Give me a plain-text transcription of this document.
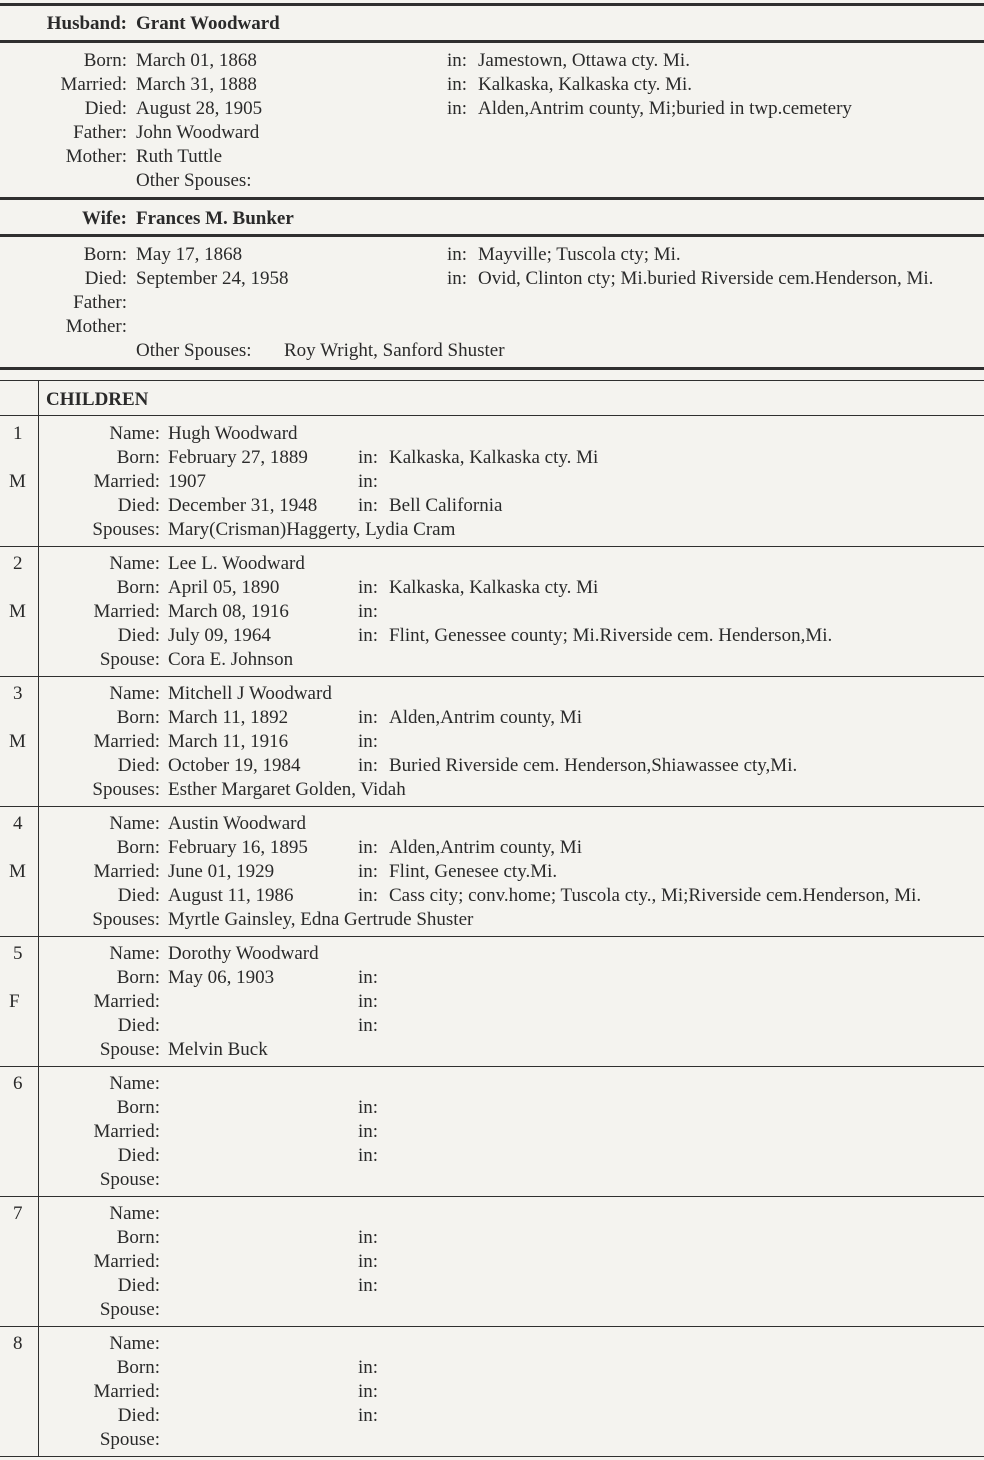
Husband: Grant Woodward
Born: March 01, 1868	in: Jamestown, Ottawa cty. Mi.
Married: March 31, 1888	in: Kalkaska, Kalkaska cty. Mi.
Died: August 28, 1905	in: Alden,Antrim county, Mi;buried in twp.cemetery
Father: John Woodward
Mother: Ruth Tuttle
Other Spouses:
Wife: Frances M. Bunker
Born: May 17, 1868	in: Mayville; Tuscola cty; Mi.
Died: September 24, 1958	in: Ovid, Clinton cty; Mi.buried Riverside cem.Henderson, Mi.
Father:
Mother:
Other Spouses: Roy Wright, Sanford Shuster
CHILDREN
1
M
Name: Hugh Woodward
Born: February 27, 1889	in: Kalkaska, Kalkaska cty. Mi
Married: 1907	in:
Died: December 31, 1948 in: Bell California
Spouses: Mary(Crisman)Haggerty, Lydia Cram
2
M
Name: Lee L. Woodward
Born: April 05, 1890	in: Kalkaska, Kalkaska cty. Mi
Married: March 08, 1916	in:
Died: July 09, 1964	in: Flint, Genessee county; Mi.Riverside cem. Henderson,Mi.
Spouse: Cora E. Johnson
3
M
Name: Mitchell J Woodward
Born: March 11, 1892	in: Alden,Antrim county, Mi
Married: March 11, 1916	in:
Died: October 19, 1984	in: Buried Riverside cem. Henderson,Shiawassee cty,Mi.
Spouses: Esther Margaret Golden, Vidah
4
M
Name: Austin Woodward
Born: February 16, 1895	in: Alden,Antrim county, Mi
Married: June 01, 1929	in: Flint, Genesee cty.Mi.
Died: August 11, 1986	in: Cass city; conv.home; Tuscola cty., Mi;Riverside cem.Henderson, Mi.
Spouses: Myrtle Gainsley, Edna Gertrude Shuster
5
F
Name: Dorothy Woodward
Born: May 06, 1903	in:
Married:	in:
Died:	in:
Spouse: Melvin Buck
6	Name:
Born:	in:
Married:	in:
Died:	in:
Spouse:
7	Name:
Born:	in:
Married:	in:
Died:	in:
Spouse:
8	Name:
Born:	in:
Married:	in:
Died:	in:
Spouse:
